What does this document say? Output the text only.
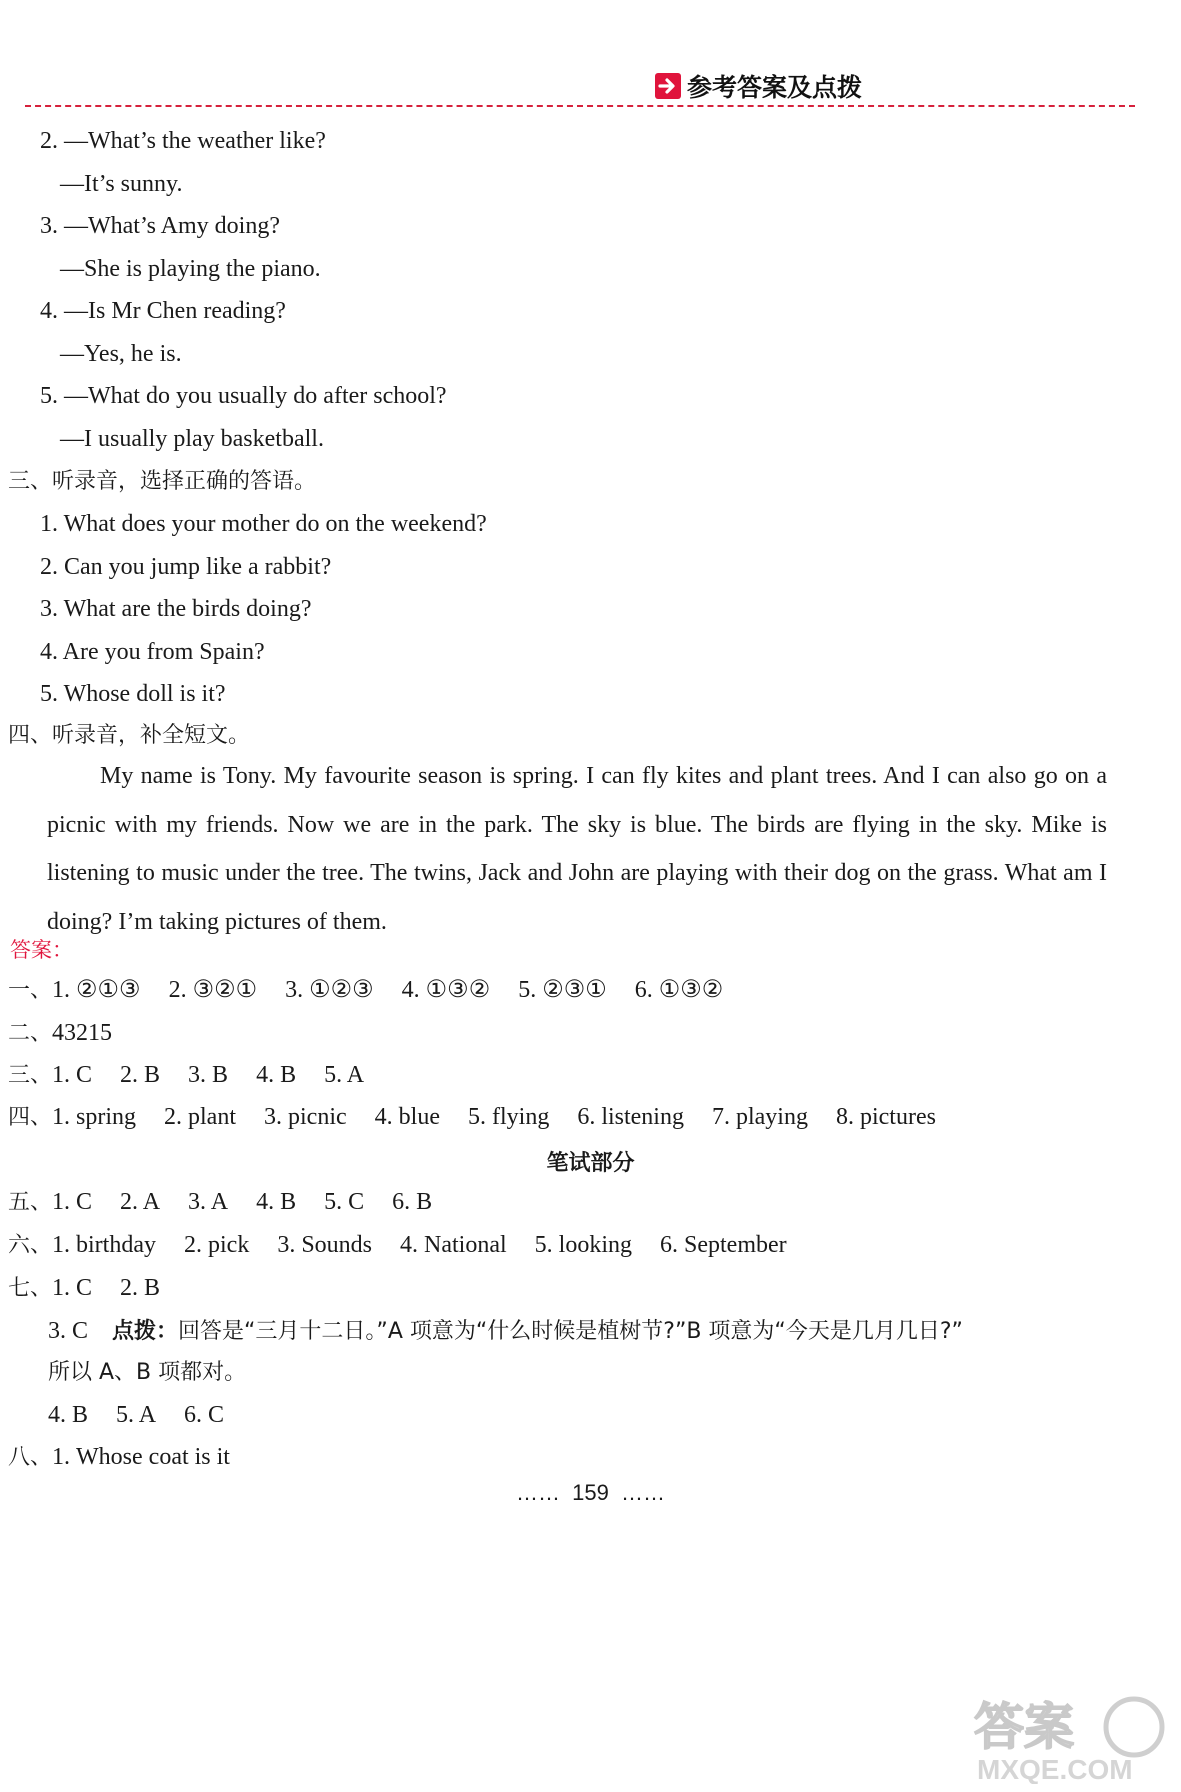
参考答案及点拨
2. —What’s the weather like?
—It’s sunny.
3. —What’s Amy doing?
—She is playing the piano.
4. —Is Mr Chen reading?
—Yes, he is.
5. —What do you usually do after school?
—I usually play basketball.
三、听录音，选择正确的答语。
1. What does your mother do on the weekend?
2. Can you jump like a rabbit?
3. What are the birds doing?
4. Are you from Spain?
5. Whose doll is it?
四、听录音，补全短文。
My name is Tony. My favourite season is spring. I can fly kites and plant trees. And I can also go on a picnic with my friends. Now we are in the park. The sky is blue. The birds are flying in the sky. Mike is listening to music under the tree. The twins, Jack and John are playing with their dog on the grass. What am I doing? I’m taking pictures of them.
答案：
一、1. ②①③ 2. ③②① 3. ①②③ 4. ①③② 5. ②③① 6. ①③②
二、43215
三、1. C 2. B 3. B 4. B 5. A
四、1. spring 2. plant 3. picnic 4. blue 5. flying 6. listening 7. playing 8. pictures
笔试部分
五、1. C 2. A 3. A 4. B 5. C 6. B
六、1. birthday 2. pick 3. Sounds 4. National 5. looking 6. September
七、1. C 2. B
3. C 点拨：回答是“三月十二日。”A 项意为“什么时候是植树节?”B 项意为“今天是几月几日?”
所以 A、B 项都对。
4. B 5. A 6. C
八、1. Whose coat is it
…… 159 ……
答案
MXQE.COM
